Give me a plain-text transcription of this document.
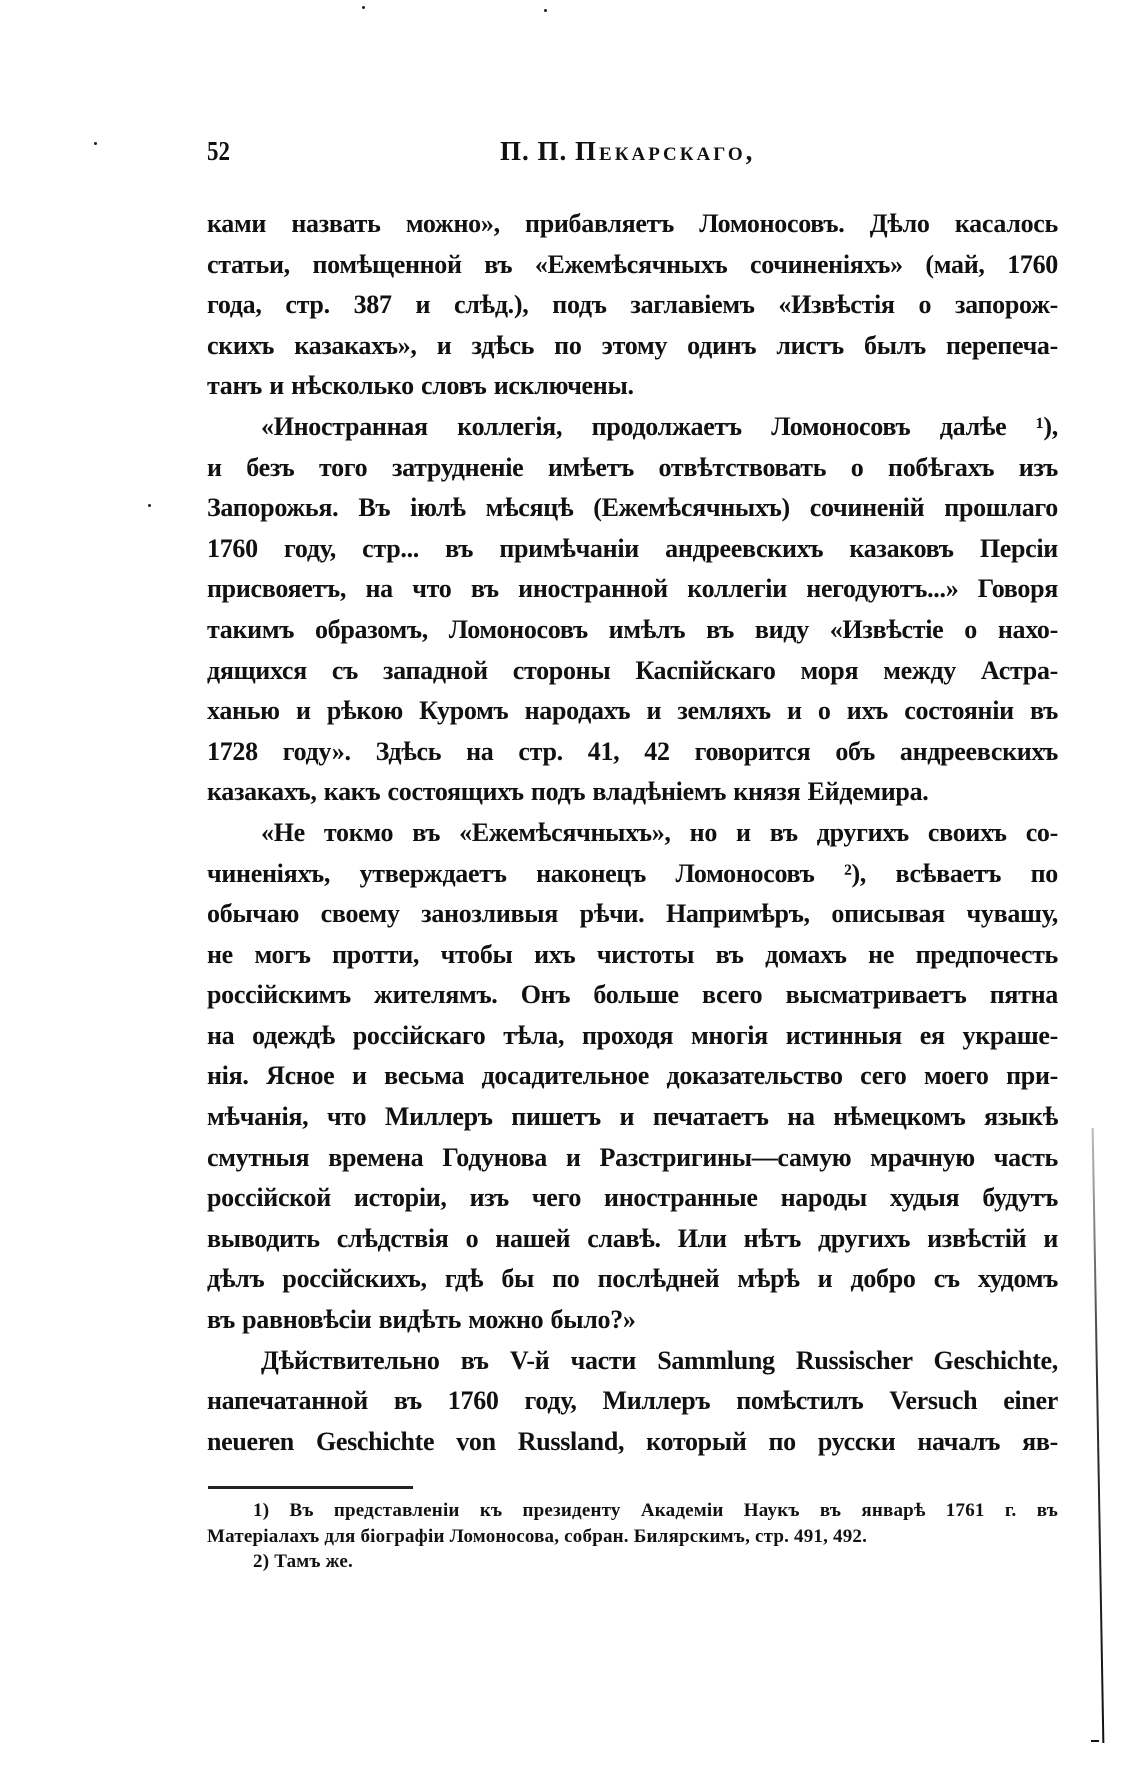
52	П. П. Пекарскаго,

ками назвать можно», прибавляетъ Ломоносовъ. Дѣло касалось
статьи, помѣщенной въ «Ежемѣсячныхъ сочиненіяхъ» (май, 1760
года, стр. 387 и слѣд.), подъ заглавіемъ «Извѣстія о запорож-
скихъ казакахъ», и здѣсь по этому одинъ листъ былъ перепеча-
танъ и нѣсколько словъ исключены.

«Иностранная коллегія, продолжаетъ Ломоносовъ далѣе ¹),
и безъ того затрудненіе имѣетъ отвѣтствовать о побѣгахъ изъ
Запорожья. Въ іюлѣ мѣсяцѣ (Ежемѣсячныхъ) сочиненій прошлаго
1760 году, стр... въ примѣчаніи андреевскихъ казаковъ Персіи
присвояетъ, на что въ иностранной коллегіи негодуютъ...» Говоря
такимъ образомъ, Ломоносовъ имѣлъ въ виду «Извѣстіе о нахо-
дящихся съ западной стороны Каспійскаго моря между Астра-
ханью и рѣкою Куромъ народахъ и земляхъ и о ихъ состояніи въ
1728 году». Здѣсь на стр. 41, 42 говорится объ андреевскихъ
казакахъ, какъ состоящихъ подъ владѣніемъ князя Ейдемира.

«Не токмо въ «Ежемѣсячныхъ», но и въ другихъ своихъ со-
чиненіяхъ, утверждаетъ наконецъ Ломоносовъ ²), всѣваетъ по
обычаю своему занозливыя рѣчи. Напримѣръ, описывая чувашу,
не могъ протти, чтобы ихъ чистоты въ домахъ не предпочесть
россійскимъ жителямъ. Онъ больше всего высматриваетъ пятна
на одеждѣ россійскаго тѣла, проходя многія истинныя ея украше-
нія. Ясное и весьма досадительное доказательство сего моего при-
мѣчанія, что Миллеръ пишетъ и печатаетъ на нѣмецкомъ языкѣ
смутныя времена Годунова и Разстригины—самую мрачную часть
россійской исторіи, изъ чего иностранные народы худыя будутъ
выводить слѣдствія о нашей славѣ. Или нѣтъ другихъ извѣстій и
дѣлъ россійскихъ, гдѣ бы по послѣдней мѣрѣ и добро съ худомъ
въ равновѣсіи видѣть можно было?»

Дѣйствительно въ V-й части Sammlung Russischer Geschichte,
напечатанной въ 1760 году, Миллеръ помѣстилъ Versuch einer
neueren Geschichte von Russland, который по русски началъ яв-

1) Въ представленіи къ президенту Академіи Наукъ въ январѣ 1761 г. въ
Матеріалахъ для біографіи Ломоносова, собран. Билярскимъ, стр. 491, 492.

2) Тамъ же.
